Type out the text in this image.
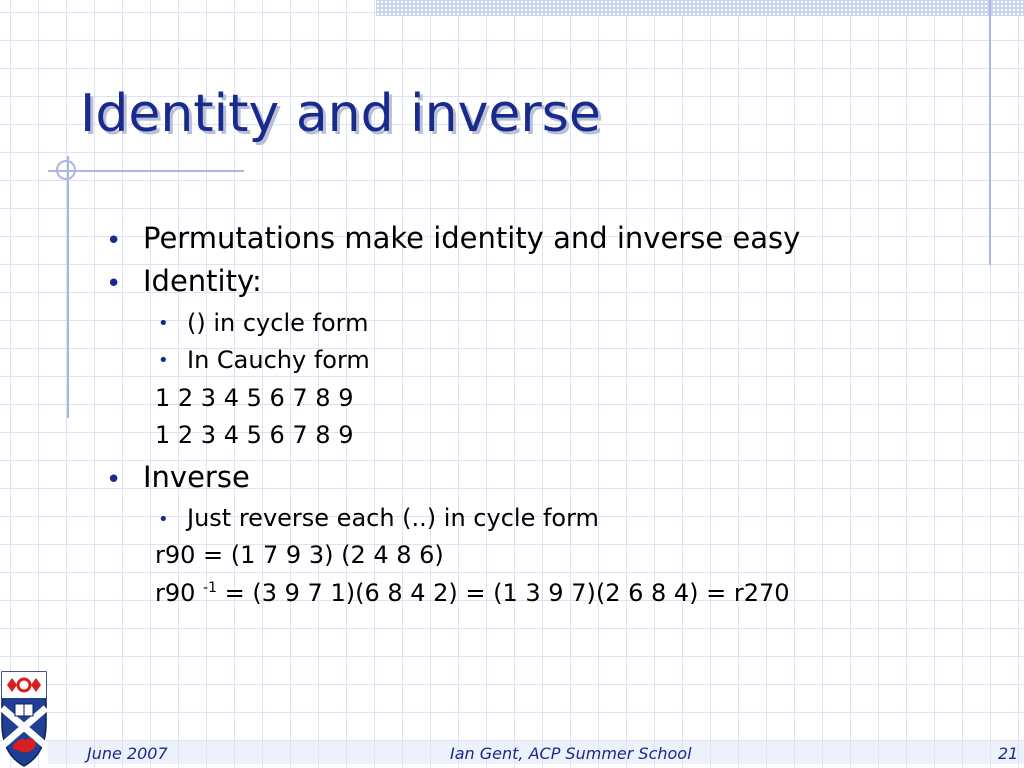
Identity and inverse
• Permutations make identity and inverse easy
• Identity:
• () in cycle form
• In Cauchy form
1 2 3 4 5 6 7 8 9
1 2 3 4 5 6 7 8 9
• Inverse
• Just reverse each (..) in cycle form
r90 = (1 7 9 3) (2 4 8 6)
r90 $^{-1}$ = (3 9 7 1)(6 8 4 2) = (1 3 9 7)(2 6 8 4) = r270
June 2007	Ian Gent, ACP Summer School	21
